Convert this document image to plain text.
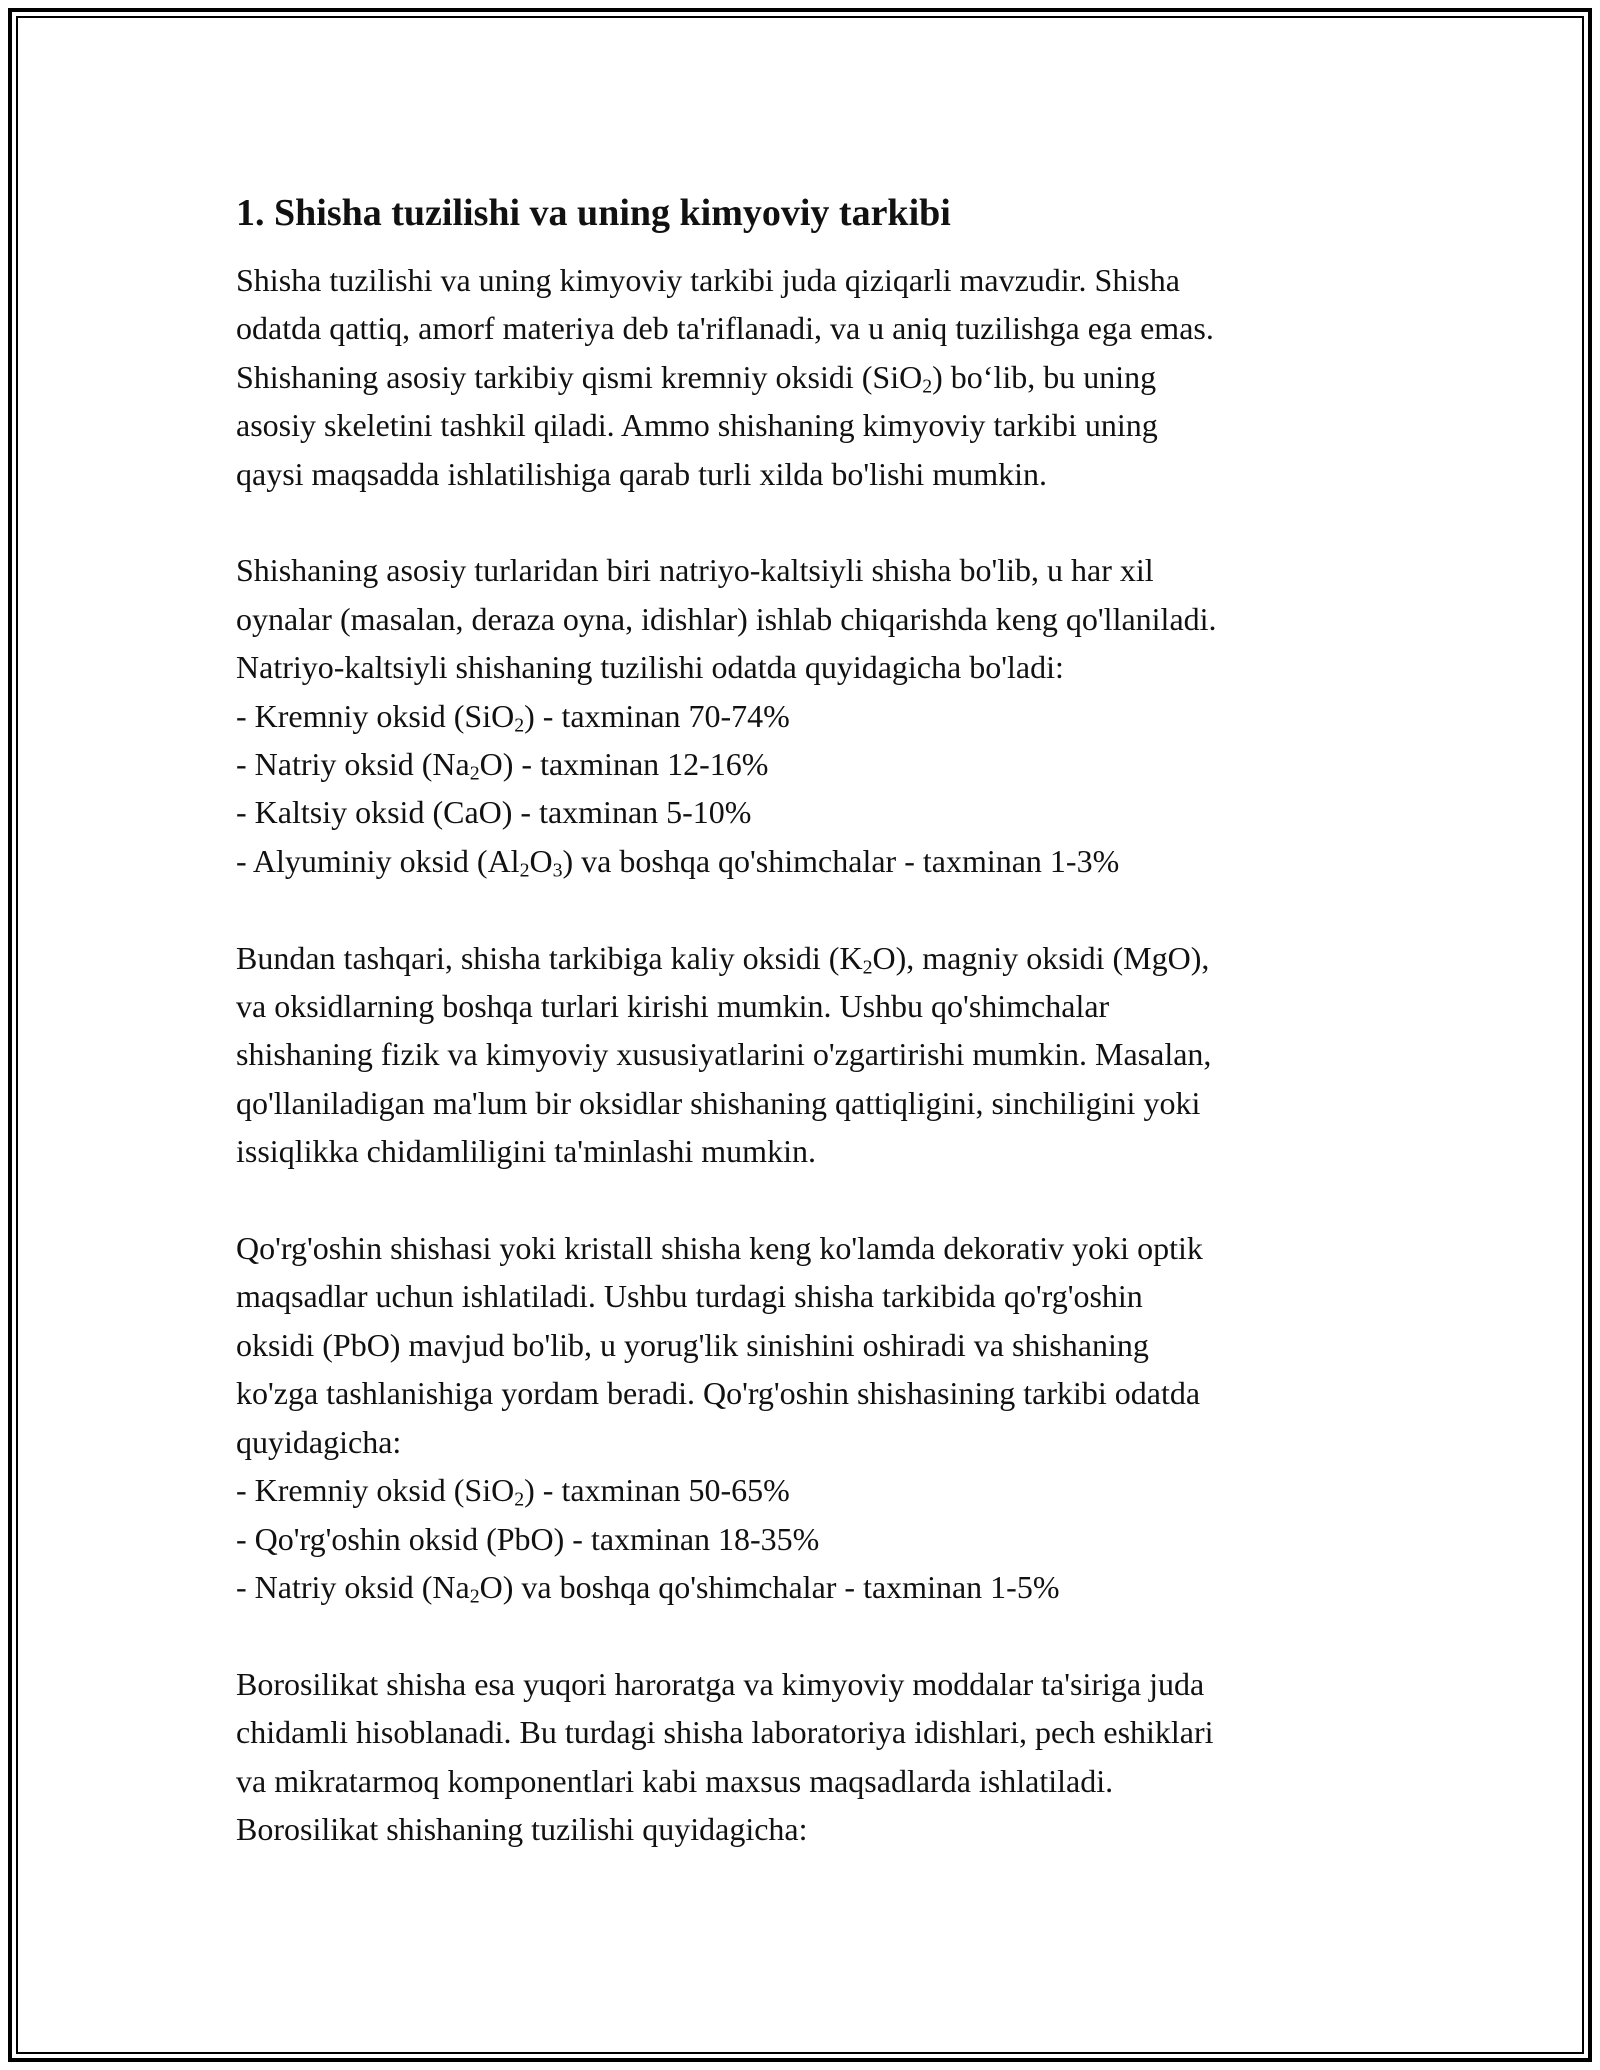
1. Shisha tuzilishi va uning kimyoviy tarkibi
Shisha tuzilishi va uning kimyoviy tarkibi juda qiziqarli mavzudir. Shisha
odatda qattiq, amorf materiya deb ta'riflanadi, va u aniq tuzilishga ega emas.
Shishaning asosiy tarkibiy qismi kremniy oksidi (SiO$_2$) bo‘lib, bu uning
asosiy skeletini tashkil qiladi. Ammo shishaning kimyoviy tarkibi uning
qaysi maqsadda ishlatilishiga qarab turli xilda bo'lishi mumkin.
Shishaning asosiy turlaridan biri natriyo-kaltsiyli shisha bo'lib, u har xil
oynalar (masalan, deraza oyna, idishlar) ishlab chiqarishda keng qo'llaniladi.
Natriyo-kaltsiyli shishaning tuzilishi odatda quyidagicha bo'ladi:
- Kremniy oksid (SiO$_2$) - taxminan 70-74%
- Natriy oksid $(Na_2O)$ - taxminan 12-16%
- Kaltsiy oksid (CaO) - taxminan 5-10%
- Alyuminiy oksid $(Al_2O_3)$ va boshqa qo'shimchalar - taxminan 1-3%
Bundan tashqari, shisha tarkibiga kaliy oksidi $(K_2O)$, magniy oksidi (MgO),
va oksidlarning boshqa turlari kirishi mumkin. Ushbu qo'shimchalar
shishaning fizik va kimyoviy xususiyatlarini o'zgartirishi mumkin. Masalan,
qo'llaniladigan ma'lum bir oksidlar shishaning qattiqligini, sinchiligini yoki
issiqlikka chidamliligini ta'minlashi mumkin.
Qo'rg'oshin shishasi yoki kristall shisha keng ko'lamda dekorativ yoki optik
maqsadlar uchun ishlatiladi. Ushbu turdagi shisha tarkibida qo'rg'oshin
oksidi (PbO) mavjud bo'lib, u yorug'lik sinishini oshiradi va shishaning
ko'zga tashlanishiga yordam beradi. Qo'rg'oshin shishasining tarkibi odatda
quyidagicha:
- Kremniy oksid (SiO$_2$) - taxminan 50-65%
- Qo'rg'oshin oksid (PbO) - taxminan 18-35%
- Natriy oksid $(Na_2O)$ va boshqa qo'shimchalar - taxminan 1-5%
Borosilikat shisha esa yuqori haroratga va kimyoviy moddalar ta'siriga juda
chidamli hisoblanadi. Bu turdagi shisha laboratoriya idishlari, pech eshiklari
va mikratarmoq komponentlari kabi maxsus maqsadlarda ishlatiladi.
Borosilikat shishaning tuzilishi quyidagicha:
